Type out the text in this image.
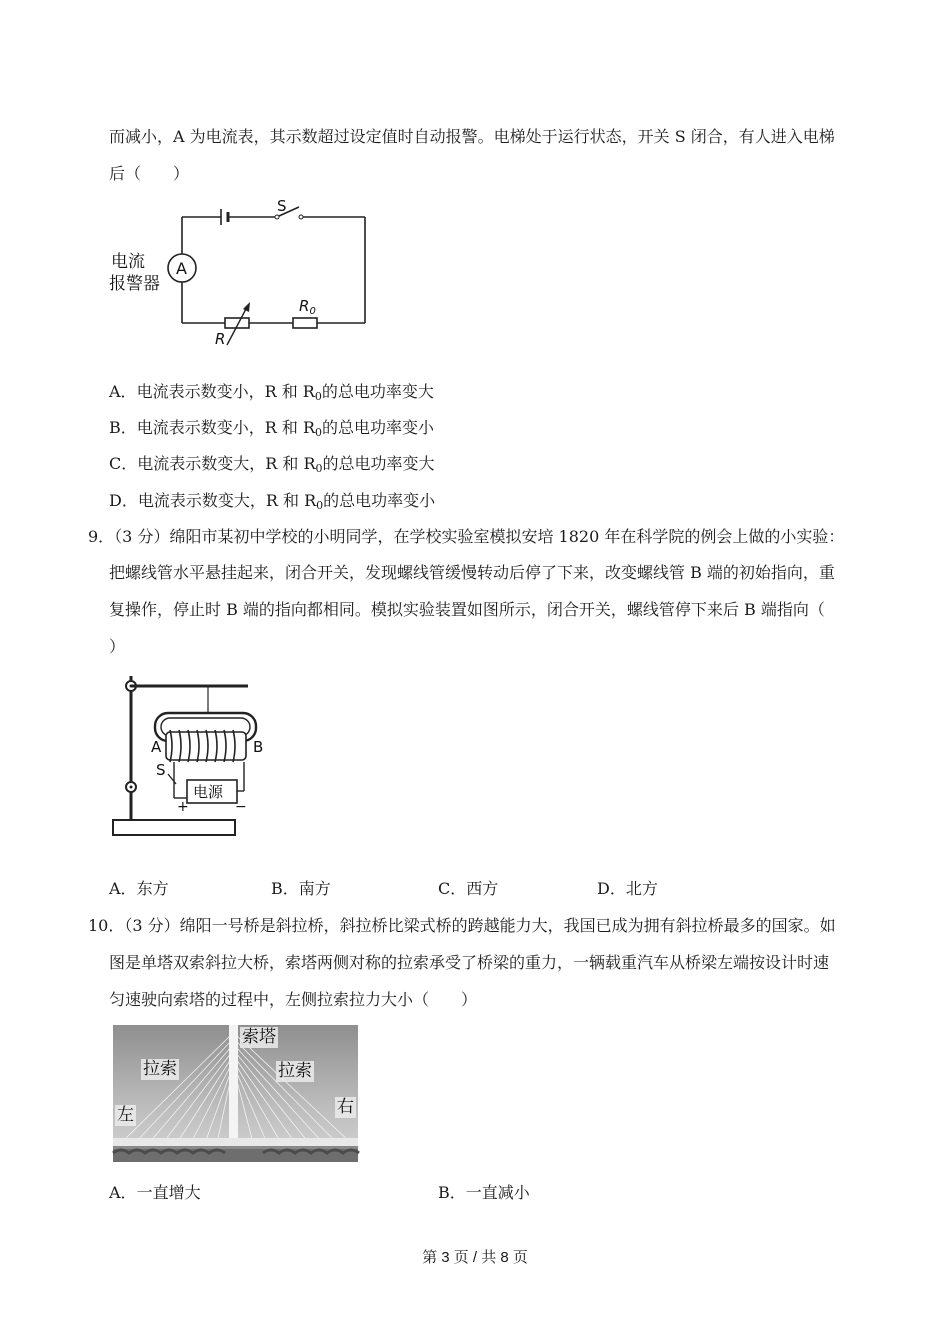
而减小，A 为电流表，其示数超过设定值时自动报警。电梯处于运行状态，开关 S 闭合，有人进入电梯
后（　　）
S
A
电流
报警器
R
$R_0$
A．电流表示数变小，R 和 $R_0$的总电功率变大
B．电流表示数变小，R 和 $R_0$的总电功率变小
C．电流表示数变大，R 和 $R_0$的总电功率变大
D．电流表示数变大，R 和 $R_0$的总电功率变小
9．（3 分）绵阳市某初中学校的小明同学，在学校实验室模拟安培 1820 年在科学院的例会上做的小实验：
把螺线管水平悬挂起来，闭合开关，发现螺线管缓慢转动后停了下来，改变螺线管 B 端的初始指向，重
复操作，停止时 B 端的指向都相同。模拟实验装置如图所示，闭合开关，螺线管停下来后 B 端指向（
）
A	B
S
电源
+	−
A．东方	B．南方	C．西方	D．北方
10．（3 分）绵阳一号桥是斜拉桥，斜拉桥比梁式桥的跨越能力大，我国已成为拥有斜拉桥最多的国家。如
图是单塔双索斜拉大桥，索塔两侧对称的拉索承受了桥梁的重力，一辆载重汽车从桥梁左端按设计时速
匀速驶向索塔的过程中，左侧拉索拉力大小（　　）
索塔
拉索	拉索
左	右
A．一直增大	B．一直减小
第 3 页 / 共 8 页
